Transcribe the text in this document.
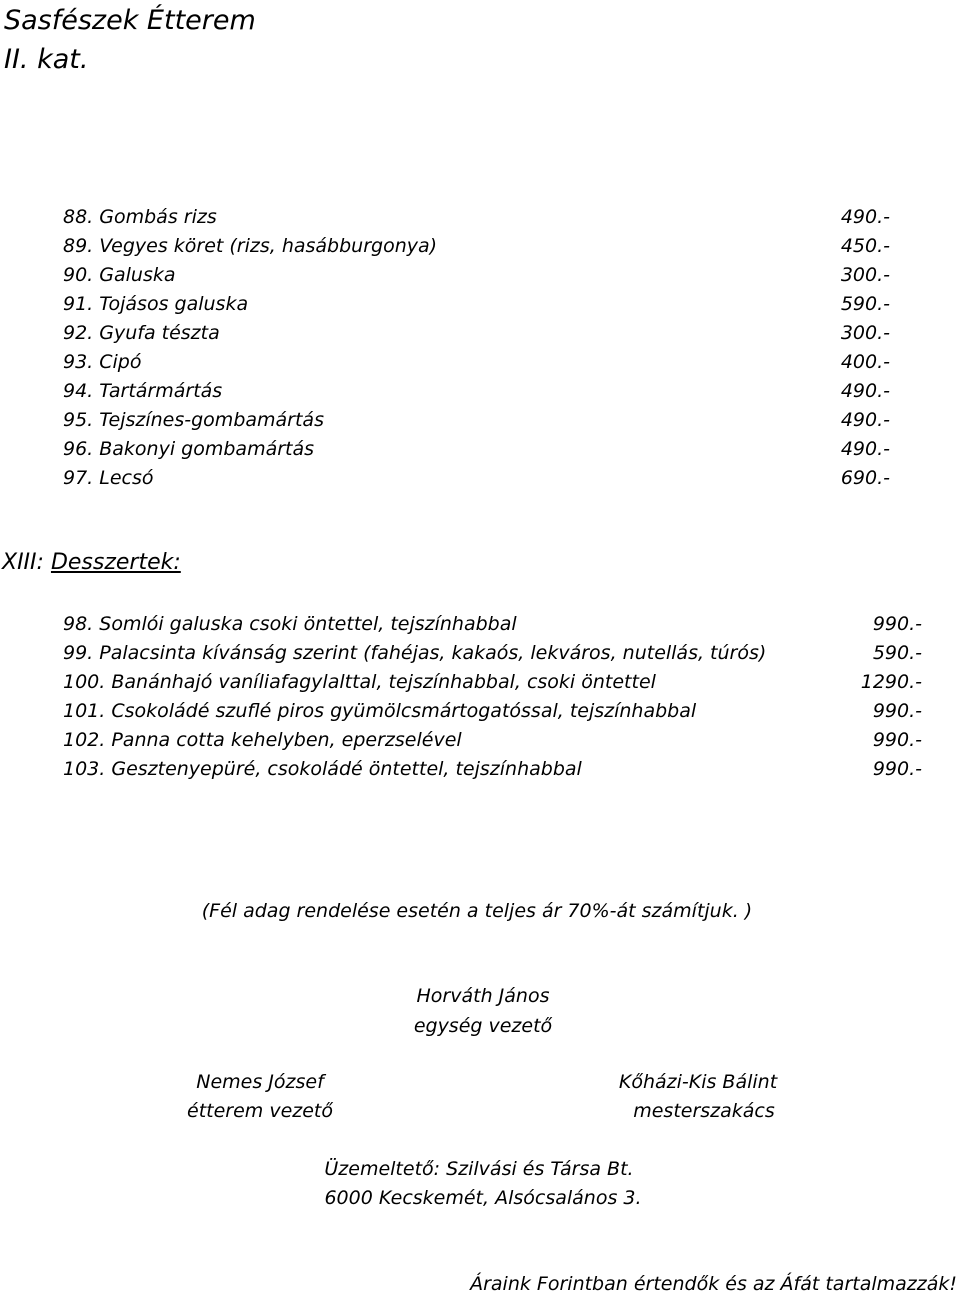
Sasfészek Étterem
II. kat.
88. Gombás rizs
89. Vegyes köret (rizs, hasábburgonya)
90. Galuska
91. Tojásos galuska
92. Gyufa tészta
93. Cipó
94. Tartármártás
95. Tejszínes-gombamártás
96. Bakonyi gombamártás
97. Lecsó
490.-
450.-
300.-
590.-
300.-
400.-
490.-
490.-
490.-
690.-
XIII: Desszertek:
98. Somlói galuska csoki öntettel, tejszínhabbal
99. Palacsinta kívánság szerint (fahéjas, kakaós, lekváros, nutellás, túrós)
100. Banánhajó vaníliafagylalttal, tejszínhabbal, csoki öntettel
101. Csokoládé szuflé piros gyümölcsmártogatóssal, tejszínhabbal
102. Panna cotta kehelyben, eperzselével
103. Gesztenyepüré, csokoládé öntettel, tejszínhabbal
990.-
590.-
1290.-
990.-
990.-
990.-
(Fél adag rendelése esetén a teljes ár 70%-át számítjuk. )
Horváth János
egység vezető
Nemes József
étterem vezető
Kőházi-Kis Bálint
mesterszakács
Üzemeltető: Szilvási és Társa Bt.
6000 Kecskemét, Alsócsalános 3.
Áraink Forintban értendők és az Áfát tartalmazzák!
